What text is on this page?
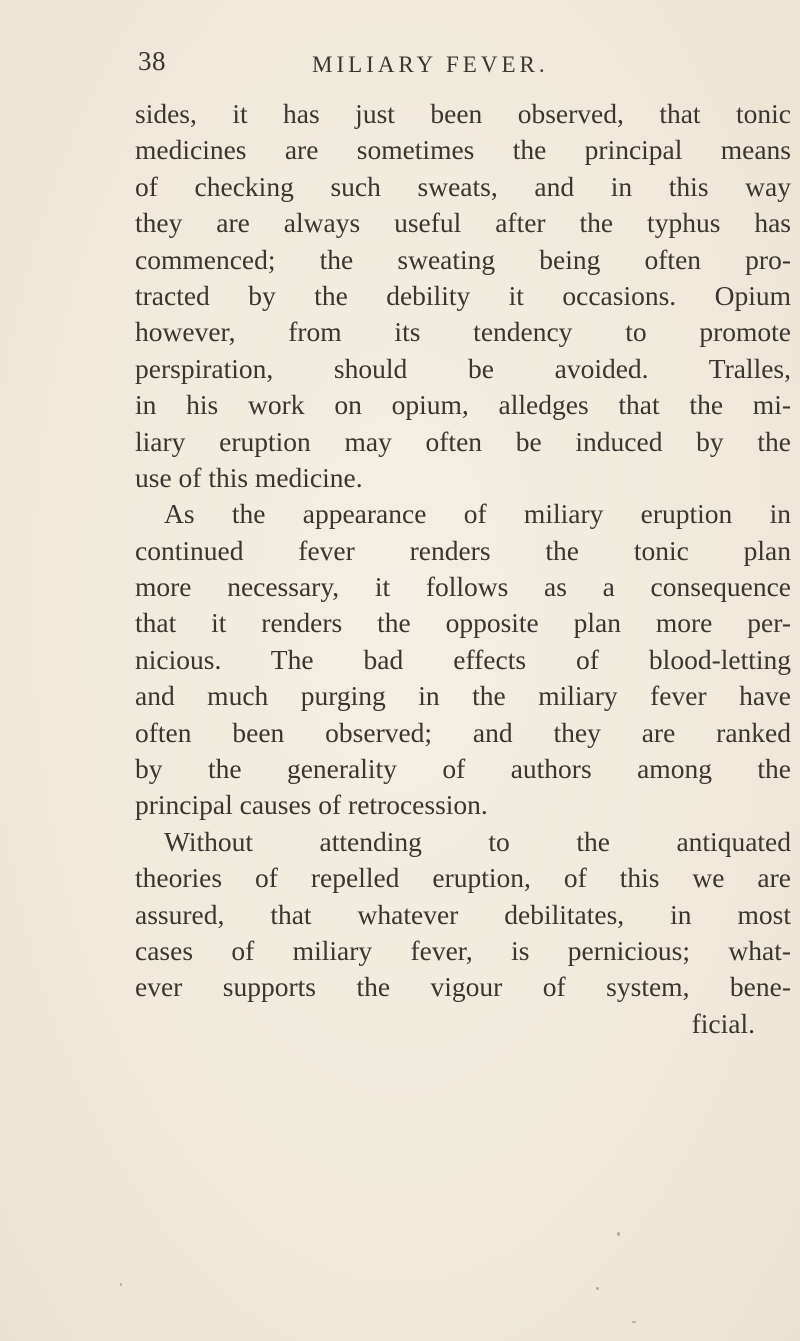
38	MILIARY FEVER.
sides, it has just been observed, that tonic
medicines are sometimes the principal means
of checking such sweats, and in this way
they are always useful after the typhus has
commenced; the sweating being often pro-
tracted by the debility it occasions. Opium
however, from its tendency to promote
perspiration, should be avoided. Tralles,
in his work on opium, alledges that the mi-
liary eruption may often be induced by the
use of this medicine.
As the appearance of miliary eruption in
continued fever renders the tonic plan
more necessary, it follows as a consequence
that it renders the opposite plan more per-
nicious. The bad effects of blood-letting
and much purging in the miliary fever have
often been observed; and they are ranked
by the generality of authors among the
principal causes of retrocession.
Without attending to the antiquated
theories of repelled eruption, of this we are
assured, that whatever debilitates, in most
cases of miliary fever, is pernicious; what-
ever supports the vigour of system, bene-
ficial.
